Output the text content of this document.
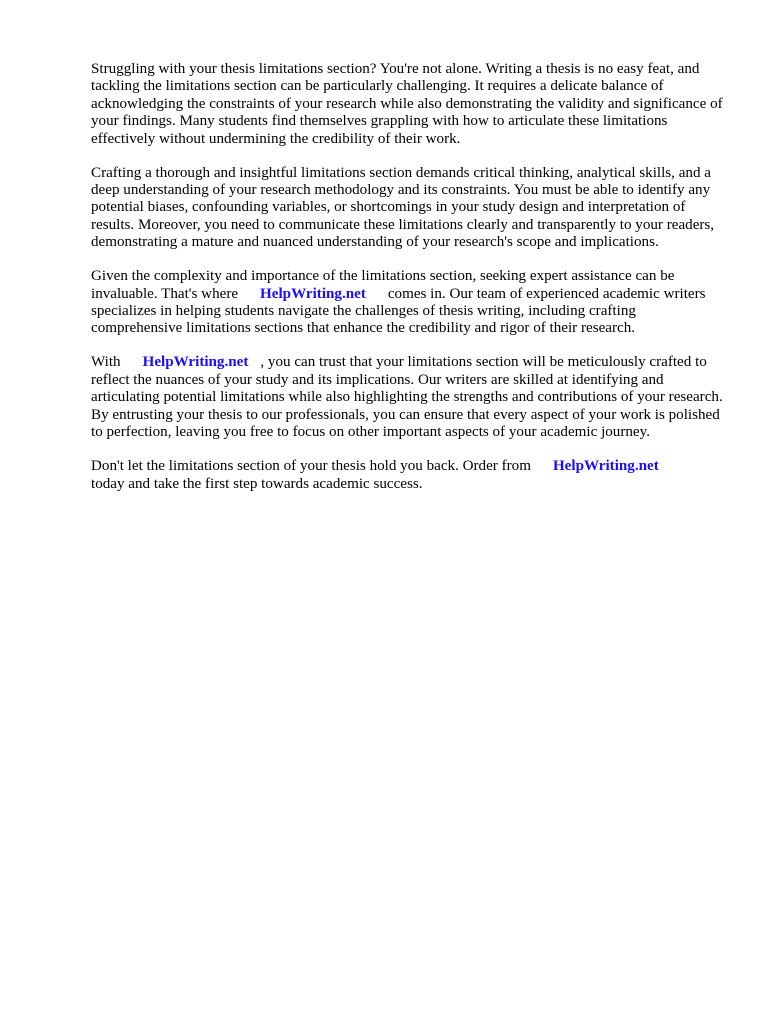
Struggling with your thesis limitations section? You're not alone. Writing a thesis is no easy feat, and tackling the limitations section can be particularly challenging. It requires a delicate balance of acknowledging the constraints of your research while also demonstrating the validity and significance of your findings. Many students find themselves grappling with how to articulate these limitations effectively without undermining the credibility of their work.

Crafting a thorough and insightful limitations section demands critical thinking, analytical skills, and a deep understanding of your research methodology and its constraints. You must be able to identify any potential biases, confounding variables, or shortcomings in your study design and interpretation of results. Moreover, you need to communicate these limitations clearly and transparently to your readers, demonstrating a mature and nuanced understanding of your research's scope and implications.

Given the complexity and importance of the limitations section, seeking expert assistance can be invaluable. That's where HelpWriting.net comes in. Our team of experienced academic writers specializes in helping students navigate the challenges of thesis writing, including crafting comprehensive limitations sections that enhance the credibility and rigor of their research.

With HelpWriting.net , you can trust that your limitations section will be meticulously crafted to reflect the nuances of your study and its implications. Our writers are skilled at identifying and articulating potential limitations while also highlighting the strengths and contributions of your research. By entrusting your thesis to our professionals, you can ensure that every aspect of your work is polished to perfection, leaving you free to focus on other important aspects of your academic journey.

Don't let the limitations section of your thesis hold you back. Order from HelpWriting.net
today and take the first step towards academic success.
